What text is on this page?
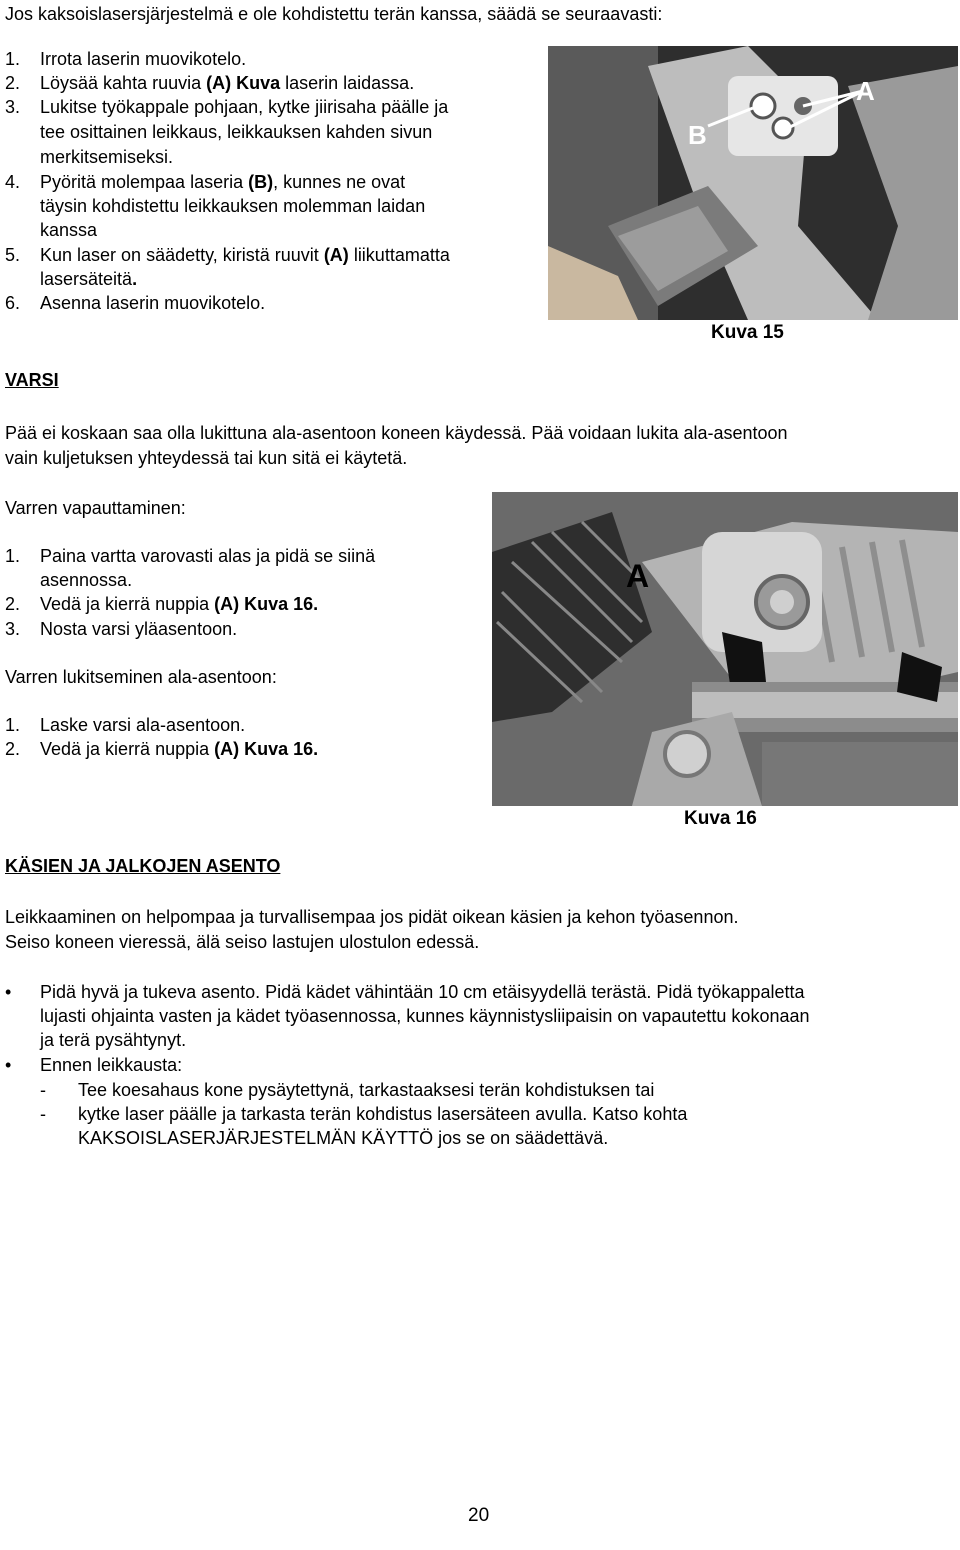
Jos kaksoislasersjärjestelmä e ole kohdistettu terän kanssa, säädä se seuraavasti:
1. Irrota laserin muovikotelo.
2. Löysää kahta ruuvia (A) Kuva laserin laidassa.
3. Lukitse työkappale pohjaan, kytke jiirisaha päälle ja
tee osittainen leikkaus, leikkauksen kahden sivun
merkitsemiseksi.
4. Pyöritä molempaa laseria (B), kunnes ne ovat
täysin kohdistettu leikkauksen molemman laidan
kanssa
5. Kun laser on säädetty, kiristä ruuvit (A) liikuttamatta
lasersäteitä.
6. Asenna laserin muovikotelo.
A
B
Kuva 15
VARSI
Pää ei koskaan saa olla lukittuna ala-asentoon koneen käydessä. Pää voidaan lukita ala-asentoon
vain kuljetuksen yhteydessä tai kun sitä ei käytetä.
Varren vapauttaminen:
1. Paina vartta varovasti alas ja pidä se siinä
asennossa.
2. Vedä ja kierrä nuppia (A) Kuva 16.
3. Nosta varsi yläasentoon.
Varren lukitseminen ala-asentoon:
1. Laske varsi ala-asentoon.
2. Vedä ja kierrä nuppia (A) Kuva 16.
A
Kuva 16
KÄSIEN JA JALKOJEN ASENTO
Leikkaaminen on helpompaa ja turvallisempaa jos pidät oikean käsien ja kehon työasennon.
Seiso koneen vieressä, älä seiso lastujen ulostulon edessä.
• Pidä hyvä ja tukeva asento. Pidä kädet vähintään 10 cm etäisyydellä terästä. Pidä työkappaletta
lujasti ohjainta vasten ja kädet työasennossa, kunnes käynnistysliipaisin on vapautettu kokonaan
ja terä pysähtynyt.
• Ennen leikkausta:
- Tee koesahaus kone pysäytettynä, tarkastaaksesi terän kohdistuksen tai
- kytke laser päälle ja tarkasta terän kohdistus lasersäteen avulla. Katso kohta
KAKSOISLASERJÄRJESTELMÄN KÄYTTÖ jos se on säädettävä.
20
